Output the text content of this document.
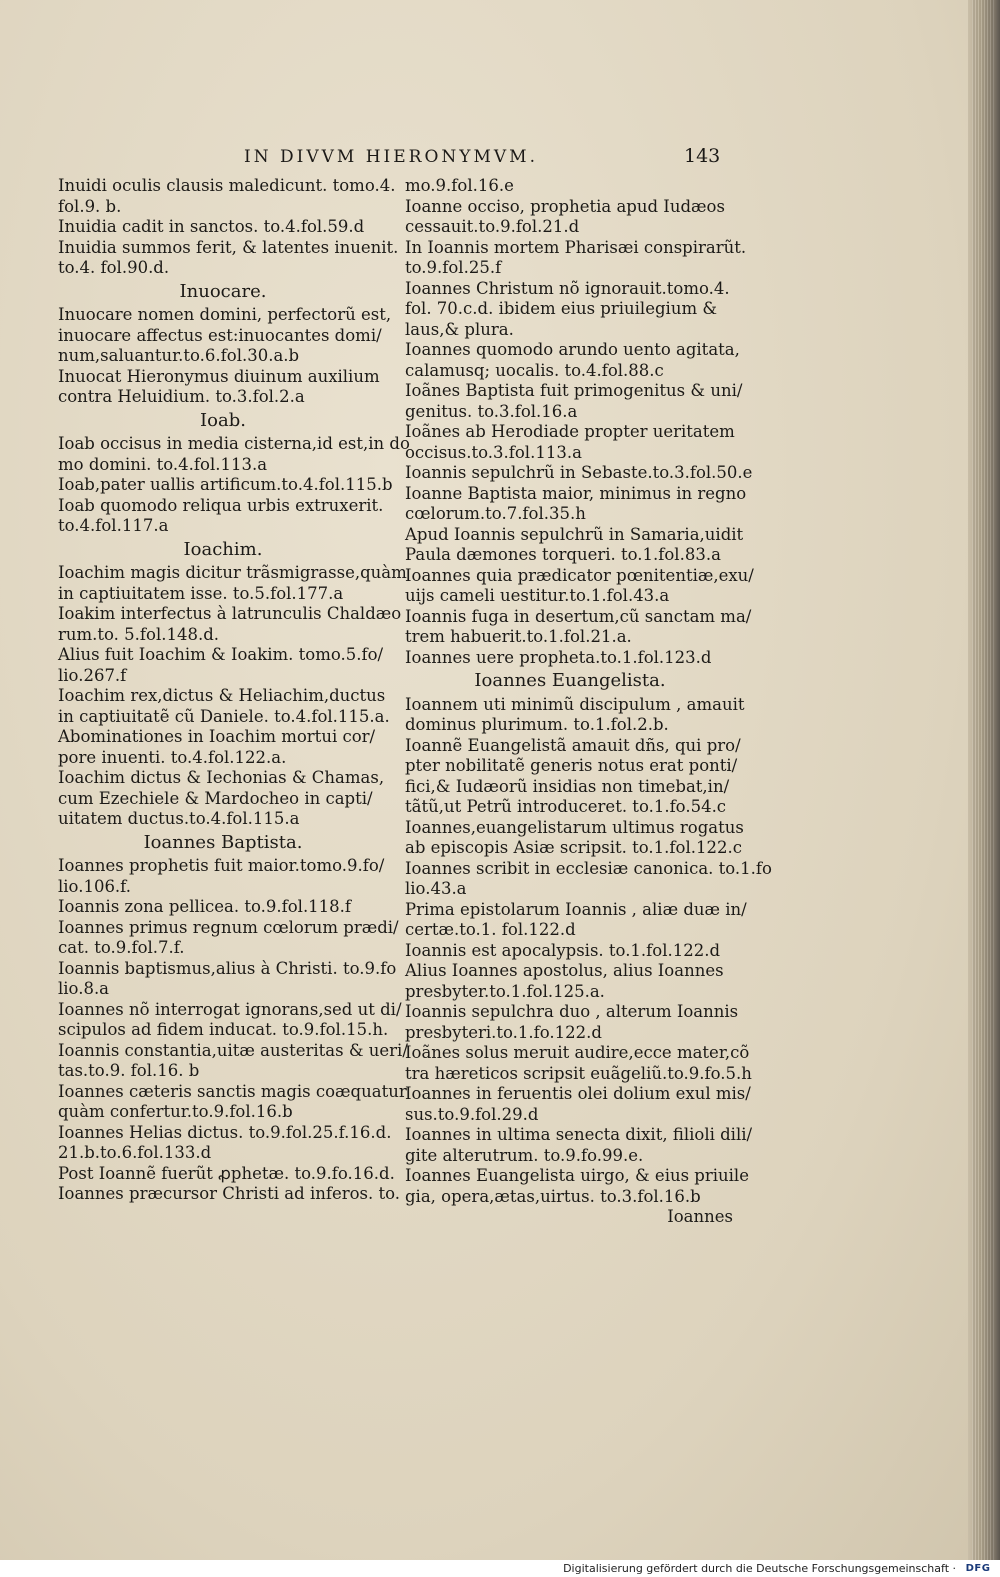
IN DIVVM HIERONYMVM.	143
Inuidi oculis clausis maledicunt. tomo.4.
fol.9. b.
Inuidia cadit in sanctos. to.4.fol.59.d
Inuidia summos ferit, & latentes inuenit.
to.4. fol.90.d.
Inuocare.
Inuocare nomen domini, perfectorũ est,
inuocare affectus est:inuocantes domi/
num,saluantur.to.6.fol.30.a.b
Inuocat Hieronymus diuinum auxilium
contra Heluidium. to.3.fol.2.a
Ioab.
Ioab occisus in media cisterna,id est,in do
mo domini. to.4.fol.113.a
Ioab,pater uallis artificum.to.4.fol.115.b
Ioab quomodo reliqua urbis extruxerit.
to.4.fol.117.a
Ioachim.
Ioachim magis dicitur trãsmigrasse,quàm
in captiuitatem isse. to.5.fol.177.a
Ioakim interfectus à latrunculis Chaldæo
rum.to. 5.fol.148.d.
Alius fuit Ioachim & Ioakim. tomo.5.fo/
lio.267.f
Ioachim rex,dictus & Heliachim,ductus
in captiuitatẽ cũ Daniele. to.4.fol.115.a.
Abominationes in Ioachim mortui cor/
pore inuenti. to.4.fol.122.a.
Ioachim dictus & Iechonias & Chamas,
cum Ezechiele & Mardocheo in capti/
uitatem ductus.to.4.fol.115.a
Ioannes Baptista.
Ioannes prophetis fuit maior.tomo.9.fo/
lio.106.f.
Ioannis zona pellicea. to.9.fol.118.f
Ioannes primus regnum cœlorum prædi/
cat. to.9.fol.7.f.
Ioannis baptismus,alius à Christi. to.9.fo
lio.8.a
Ioannes nõ interrogat ignorans,sed ut di/
scipulos ad fidem inducat. to.9.fol.15.h.
Ioannis constantia,uitæ austeritas & ueri/
tas.to.9. fol.16. b
Ioannes cæteris sanctis magis coæquatur
quàm confertur.to.9.fol.16.b
Ioannes Helias dictus. to.9.fol.25.f.16.d.
21.b.to.6.fol.133.d
Post Ioannẽ fuerũt ꝓphetæ. to.9.fo.16.d.
Ioannes præcursor Christi ad inferos. to.
mo.9.fol.16.e
Ioanne occiso, prophetia apud Iudæos
cessauit.to.9.fol.21.d
In Ioannis mortem Pharisæi conspirarũt.
to.9.fol.25.f
Ioannes Christum nõ ignorauit.tomo.4.
fol. 70.c.d. ibidem eius priuilegium &
laus,& plura.
Ioannes quomodo arundo uento agitata,
calamusq; uocalis. to.4.fol.88.c
Ioãnes Baptista fuit primogenitus & uni/
genitus. to.3.fol.16.a
Ioãnes ab Herodiade propter ueritatem
occisus.to.3.fol.113.a
Ioannis sepulchrũ in Sebaste.to.3.fol.50.e
Ioanne Baptista maior, minimus in regno
cœlorum.to.7.fol.35.h
Apud Ioannis sepulchrũ in Samaria,uidit
Paula dæmones torqueri. to.1.fol.83.a
Ioannes quia prædicator pœnitentiæ,exu/
uijs cameli uestitur.to.1.fol.43.a
Ioannis fuga in desertum,cũ sanctam ma/
trem habuerit.to.1.fol.21.a.
Ioannes uere propheta.to.1.fol.123.d
Ioannes Euangelista.
Ioannem uti minimũ discipulum , amauit
dominus plurimum. to.1.fol.2.b.
Ioannẽ Euangelistã amauit dñs, qui pro/
pter nobilitatẽ generis notus erat ponti/
fici,& Iudæorũ insidias non timebat,in/
tãtũ,ut Petrũ introduceret. to.1.fo.54.c
Ioannes,euangelistarum ultimus rogatus
ab episcopis Asiæ scripsit. to.1.fol.122.c
Ioannes scribit in ecclesiæ canonica. to.1.fo
lio.43.a
Prima epistolarum Ioannis , aliæ duæ in/
certæ.to.1. fol.122.d
Ioannis est apocalypsis. to.1.fol.122.d
Alius Ioannes apostolus, alius Ioannes
presbyter.to.1.fol.125.a.
Ioannis sepulchra duo , alterum Ioannis
presbyteri.to.1.fo.122.d
Ioãnes solus meruit audire,ecce mater,cõ
tra hæreticos scripsit euãgeliũ.to.9.fo.5.h
Ioannes in feruentis olei dolium exul mis/
sus.to.9.fol.29.d
Ioannes in ultima senecta dixit, filioli dili/
gite alterutrum. to.9.fo.99.e.
Ioannes Euangelista uirgo, & eius priuile
gia, opera,ætas,uirtus. to.3.fol.16.b
Ioannes
Digitalisierung gefördert durch die Deutsche Forschungsgemeinschaft · DFG
